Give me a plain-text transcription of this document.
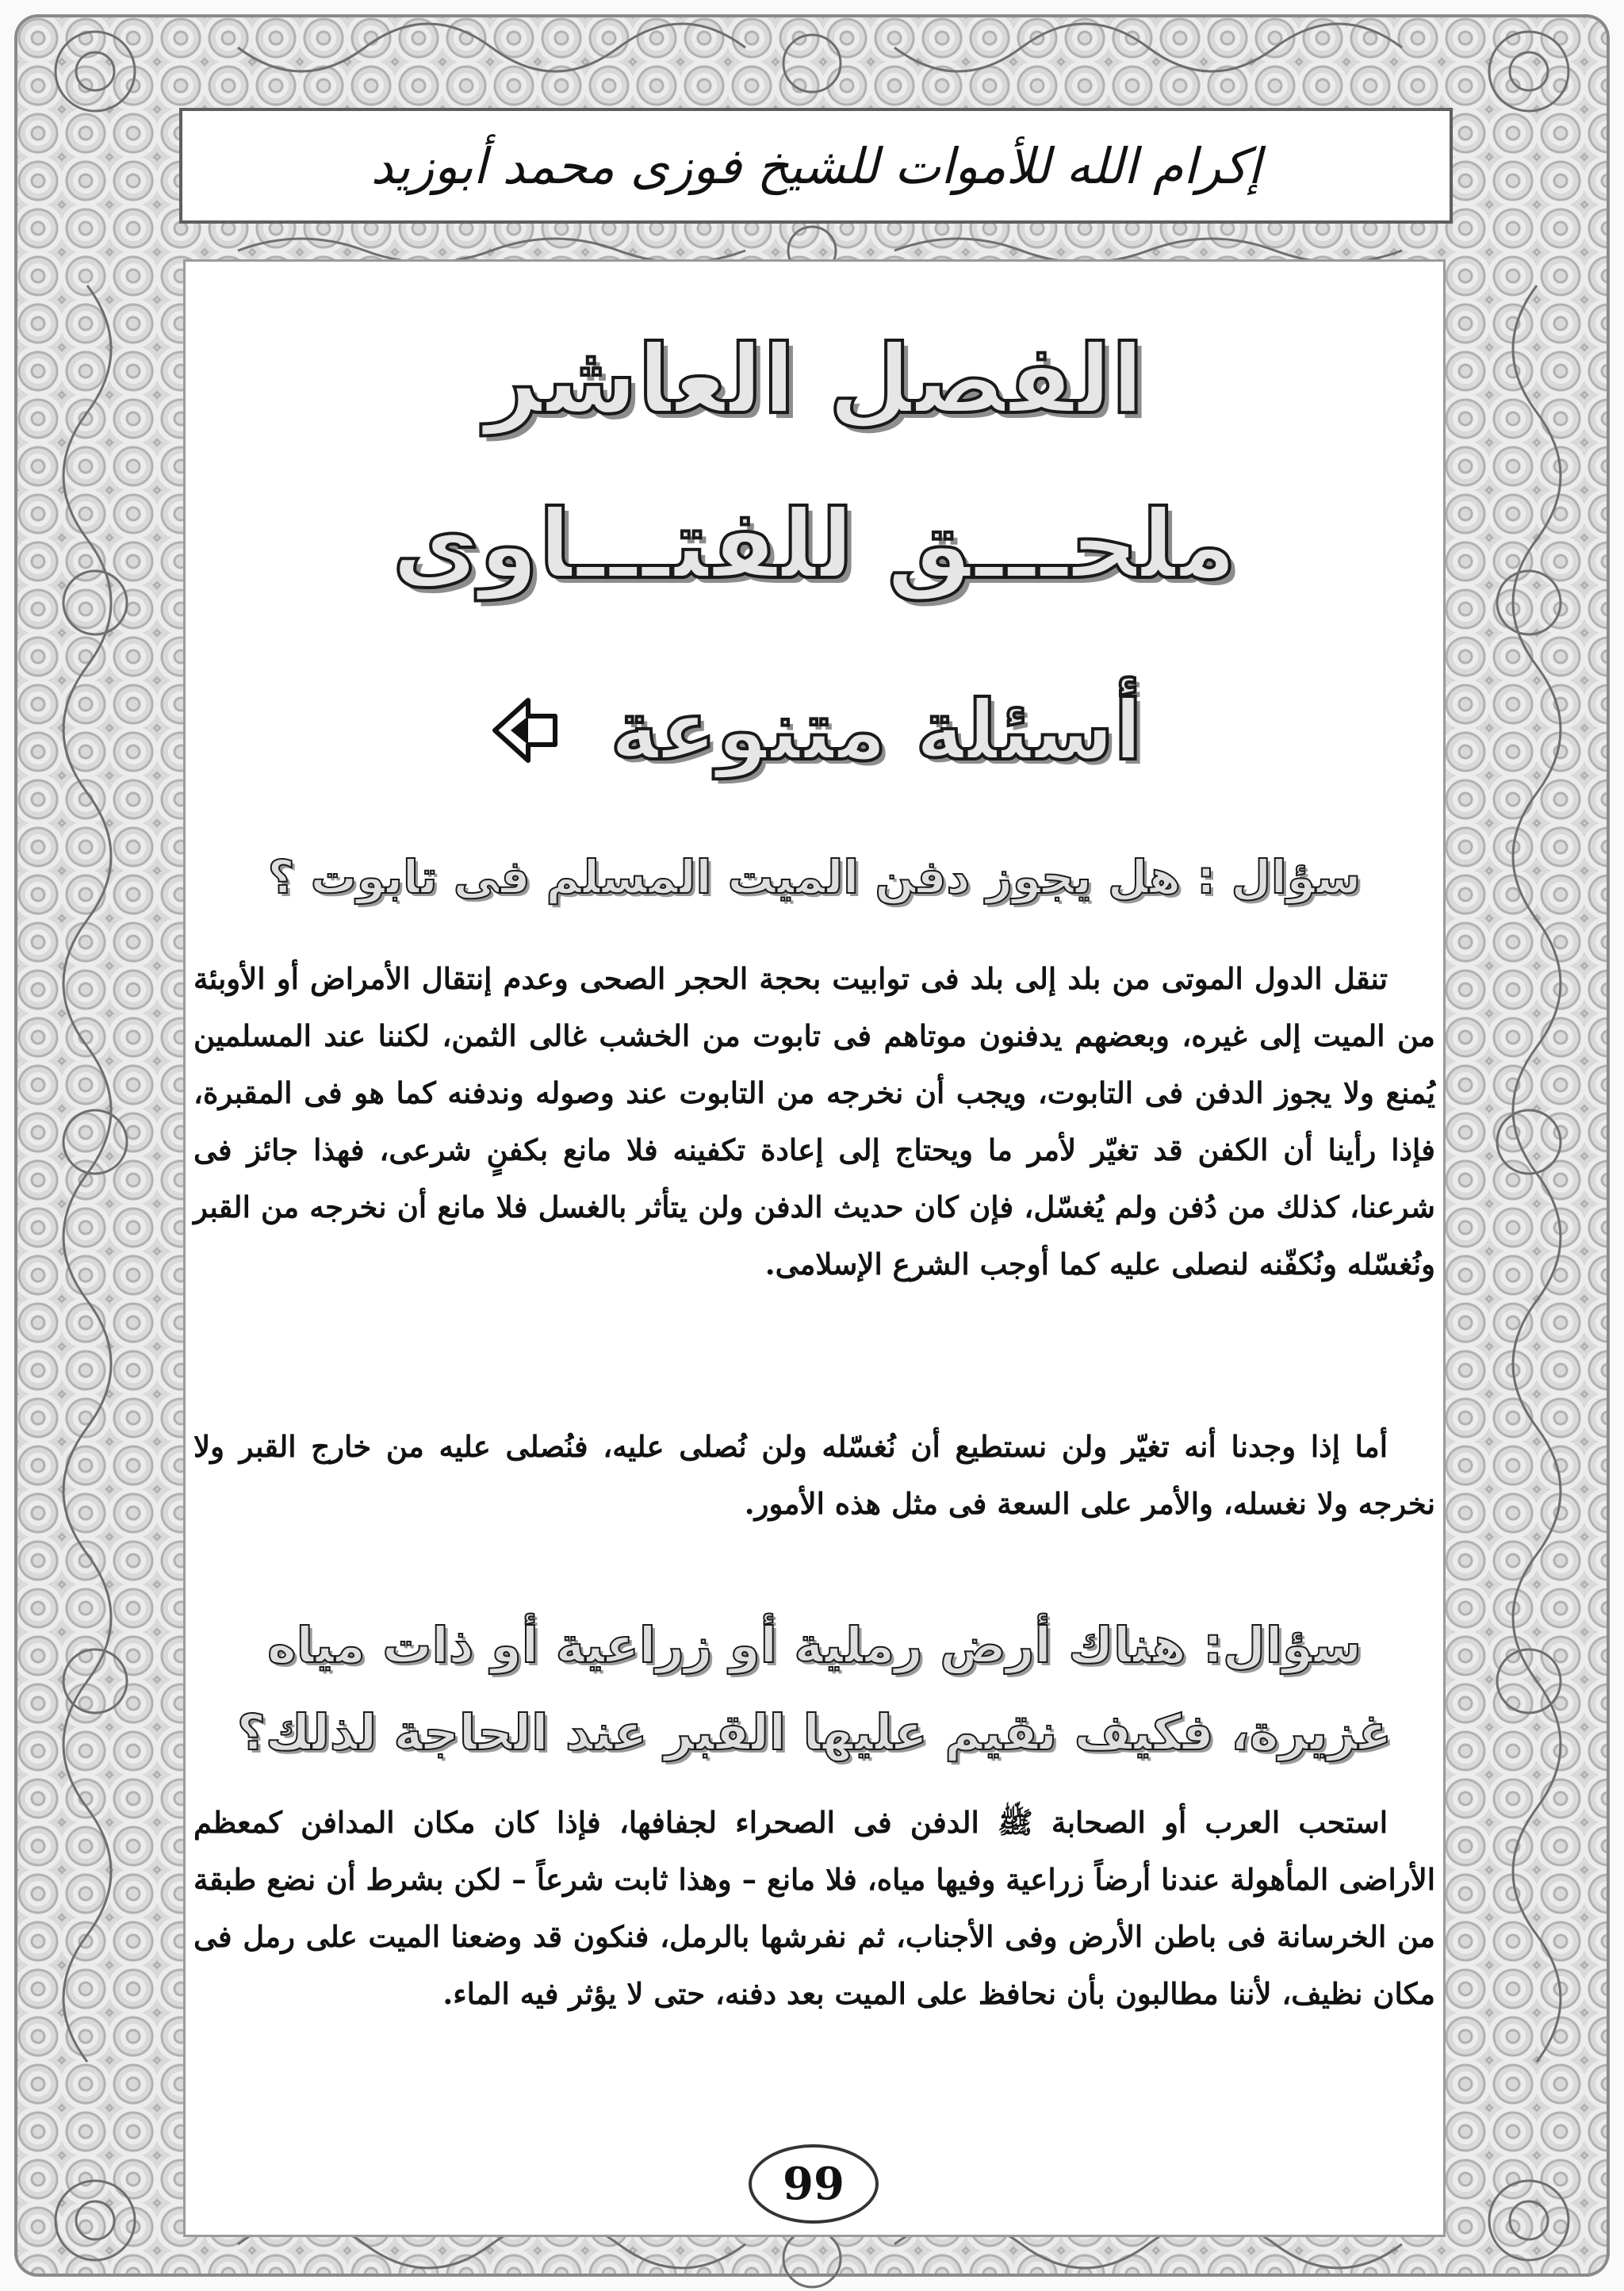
إكرام الله للأموات للشيخ فوزى محمد أبوزيد
الفصل العاشر
ملحـــق للفتـــاوى
أسئلة متنوعة
سؤال : هل يجوز دفن الميت المسلم فى تابوت ؟

تنقل الدول الموتى من بلد إلى بلد فى توابيت بحجة الحجر الصحى وعدم إنتقال الأمراض أو الأوبئة من الميت إلى غيره، وبعضهم يدفنون موتاهم فى تابوت من الخشب غالى الثمن، لكننا عند المسلمين يُمنع ولا يجوز الدفن فى التابوت، ويجب أن نخرجه من التابوت عند وصوله وندفنه كما هو فى المقبرة، فإذا رأينا أن الكفن قد تغيّر لأمر ما ويحتاج إلى إعادة تكفينه فلا مانع بكفنٍ شرعى، فهذا جائز فى شرعنا، كذلك من دُفن ولم يُغسّل، فإن كان حديث الدفن ولن يتأثر بالغسل فلا مانع أن نخرجه من القبر ونُغسّله ونُكفّنه لنصلى عليه كما أوجب الشرع الإسلامى.

أما إذا وجدنا أنه تغيّر ولن نستطيع أن نُغسّله ولن نُصلى عليه، فنُصلى عليه من خارج القبر ولا نخرجه ولا نغسله، والأمر على السعة فى مثل هذه الأمور.

سؤال: هناك أرض رملية أو زراعية أو ذات مياه غزيرة، فكيف نقيم عليها القبر عند الحاجة لذلك؟

استحب العرب أو الصحابة ﷺ الدفن فى الصحراء لجفافها، فإذا كان مكان المدافن كمعظم الأراضى المأهولة عندنا أرضاً زراعية وفيها مياه، فلا مانع – وهذا ثابت شرعاً – لكن بشرط أن نضع طبقة من الخرسانة فى باطن الأرض وفى الأجناب، ثم نفرشها بالرمل، فنكون قد وضعنا الميت على رمل فى مكان نظيف، لأننا مطالبون بأن نحافظ على الميت بعد دفنه، حتى لا يؤثر فيه الماء.

99
